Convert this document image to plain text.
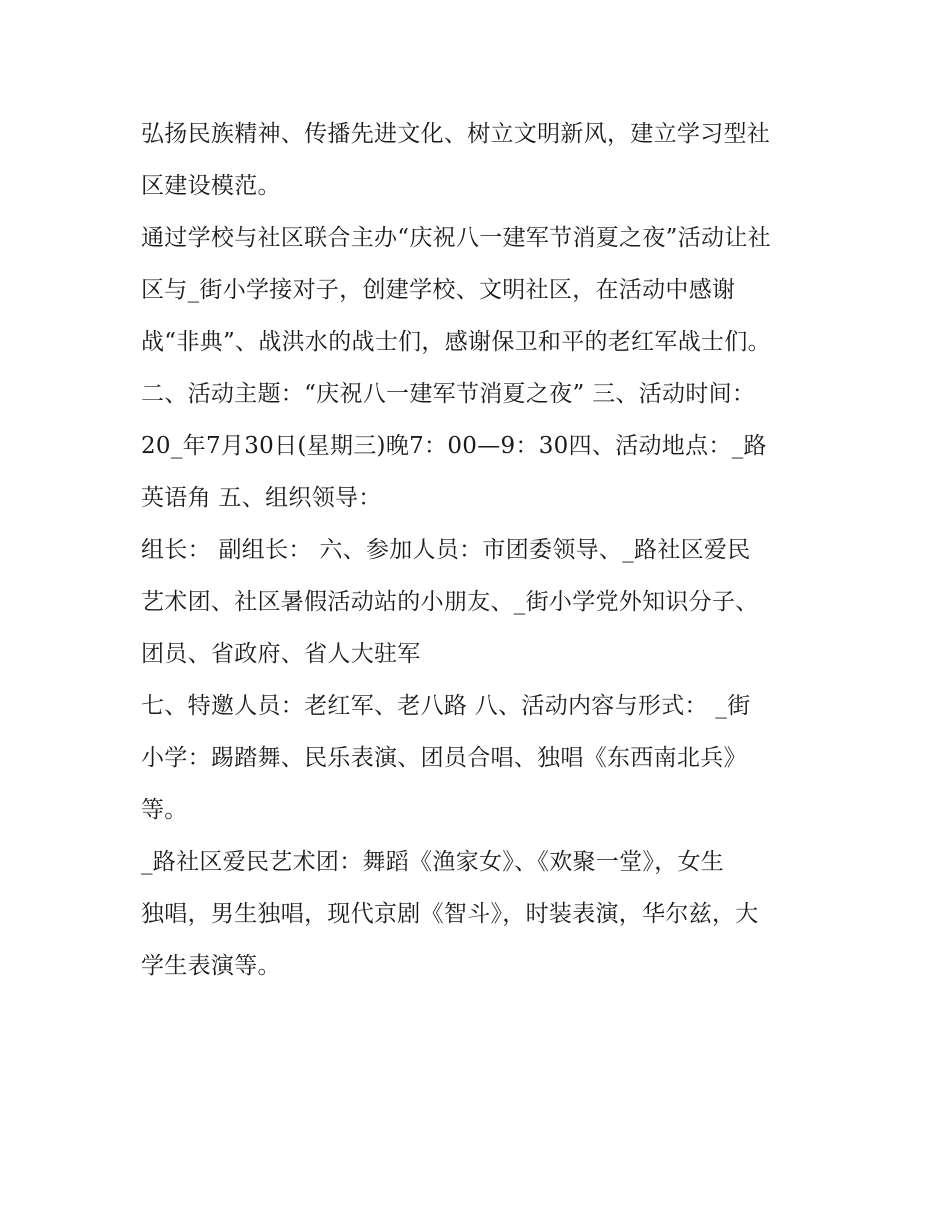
弘扬民族精神、传播先进文化、树立文明新风，建立学习型社
区建设模范。
通过学校与社区联合主办“庆祝八一建军节消夏之夜”活动让社
区与_街小学接对子，创建学校、文明社区，在活动中感谢
战“非典”、战洪水的战士们，感谢保卫和平的老红军战士们。
二、活动主题：“庆祝八一建军节消夏之夜” 三、活动时间：
20_年7月30日(星期三)晚7：00—9：30四、活动地点：_路
英语角 五、组织领导：
组长： 副组长： 六、参加人员：市团委领导、_路社区爱民
艺术团、社区暑假活动站的小朋友、_街小学党外知识分子、
团员、省政府、省人大驻军
七、特邀人员：老红军、老八路 八、活动内容与形式： _街
小学：踢踏舞、民乐表演、团员合唱、独唱《东西南北兵》
等。
_路社区爱民艺术团：舞蹈《渔家女》、《欢聚一堂》，女生
独唱，男生独唱，现代京剧《智斗》，时装表演，华尔兹，大
学生表演等。
